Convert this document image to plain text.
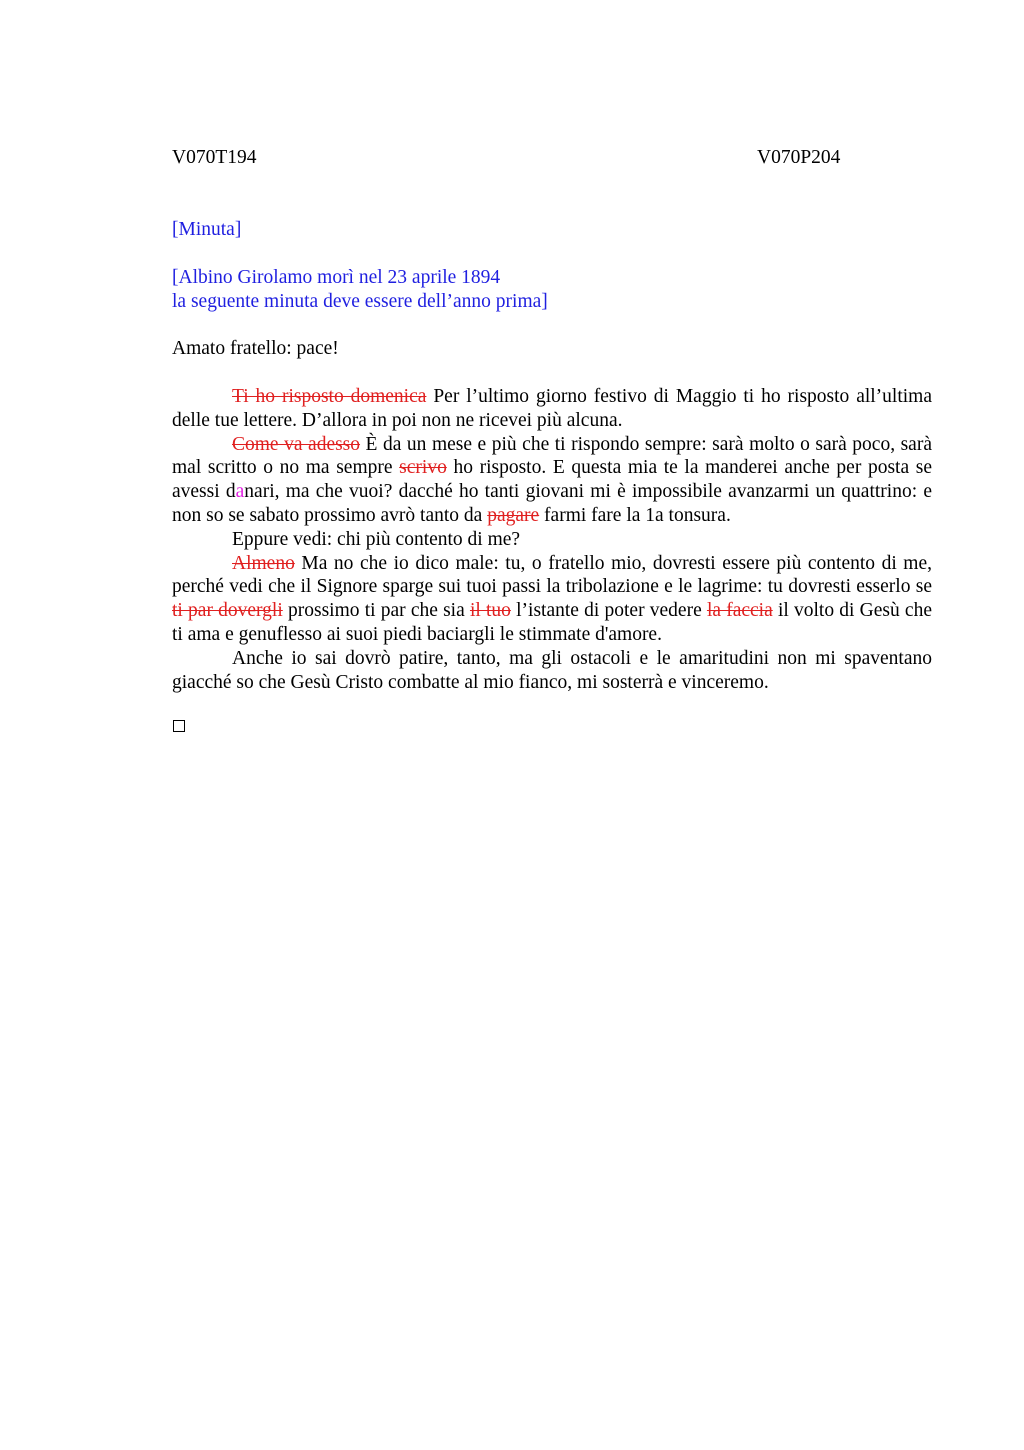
V070T194	V070P204
[Minuta]
[Albino Girolamo morì nel 23 aprile 1894
la seguente minuta deve essere dell’anno prima]
Amato fratello: pace!

Ti ho risposto domenica Per l’ultimo giorno festivo di Maggio ti ho risposto all’ultima delle tue lettere. D’allora in poi non ne ricevei più alcuna.

Come va adesso È da un mese e più che ti rispondo sempre: sarà molto o sarà poco, sarà mal scritto o no ma sempre scrivo ho risposto. E questa mia te la manderei anche per posta se avessi danari, ma che vuoi? dacché ho tanti giovani mi è impossibile avanzarmi un quattrino: e non so se sabato prossimo avrò tanto da pagare farmi fare la 1a tonsura.

Eppure vedi: chi più contento di me?

Almeno Ma no che io dico male: tu, o fratello mio, dovresti essere più contento di me, perché vedi che il Signore sparge sui tuoi passi la tribolazione e le lagrime: tu dovresti esserlo se ti par dovergli prossimo ti par che sia il tuo l’istante di poter vedere la faccia il volto di Gesù che ti ama e genuflesso ai suoi piedi baciargli le stimmate d'amore.

Anche io sai dovrò patire, tanto, ma gli ostacoli e le amaritudini non mi spaventano giacché so che Gesù Cristo combatte al mio fianco, mi sosterrà e vinceremo.
